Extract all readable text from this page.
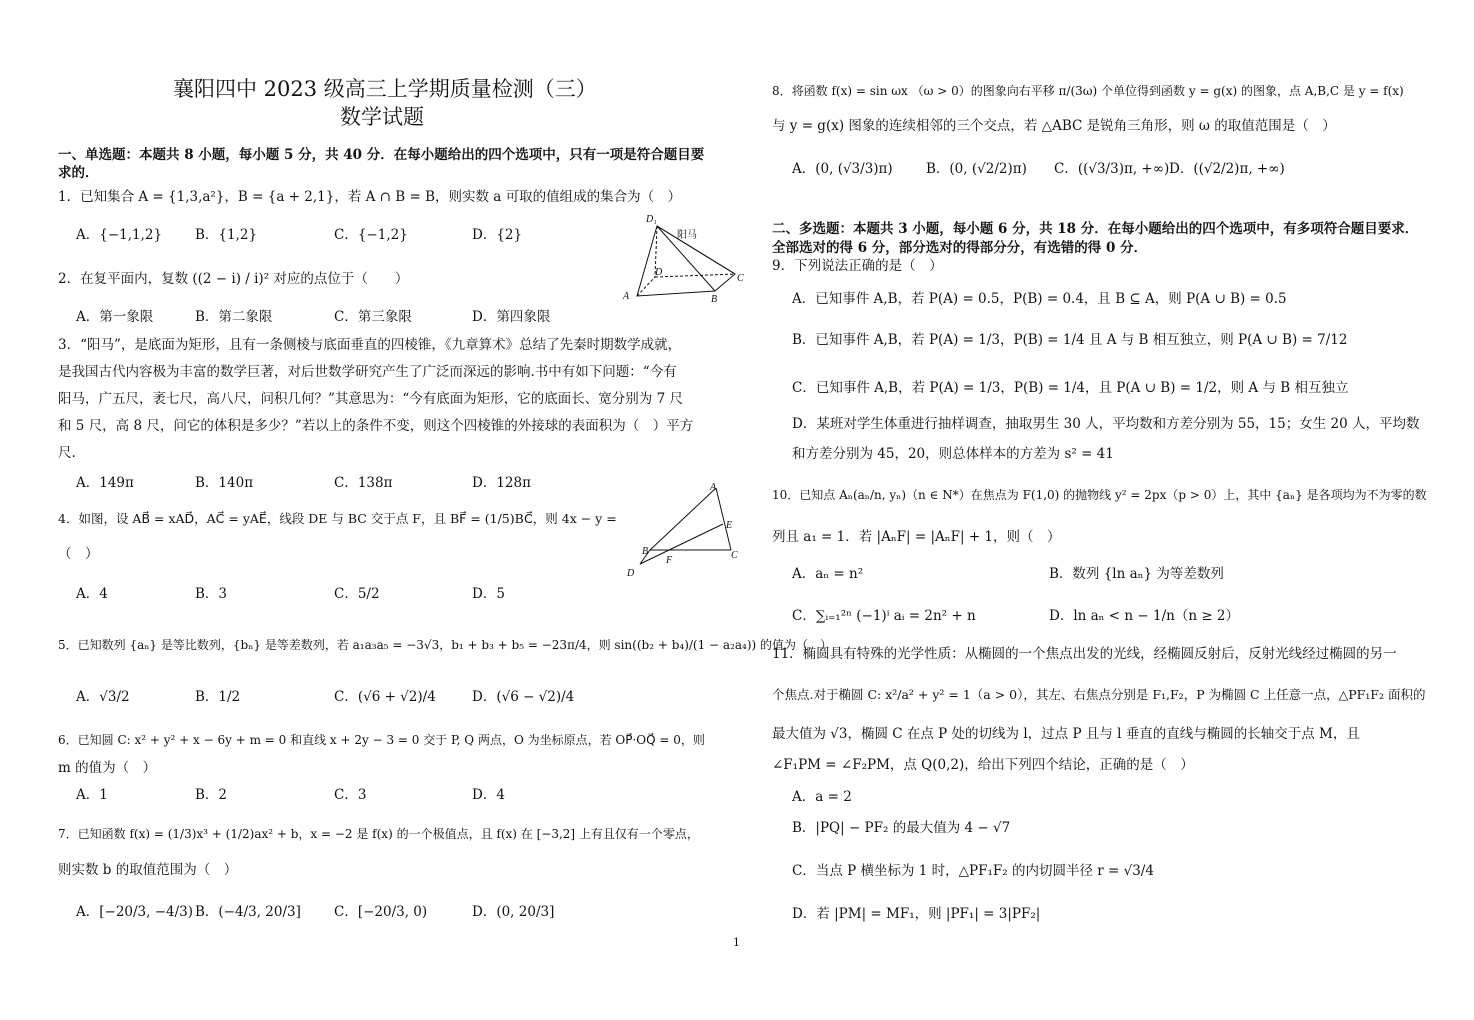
襄阳四中 2023 级高三上学期质量检测（三）
数学试题
一、单选题：本题共 8 小题，每小题 5 分，共 40 分．在每小题给出的四个选项中，只有一项是符合题目要
求的．
1．已知集合 A = {1,3,a²}，B = {a + 2,1}，若 A ∩ B = B，则实数 a 可取的值组成的集合为（　）
A．{−1,1,2} B．{1,2}	C．{−1,2}	D．{2}
2．在复平面内，复数 ((2 − i) / i)² 对应的点位于（　　）
A．第一象限	B．第二象限	C．第三象限	D．第四象限
3．“阳马”，是底面为矩形，且有一条侧棱与底面垂直的四棱锥，《九章算术》总结了先秦时期数学成就，
是我国古代内容极为丰富的数学巨著，对后世数学研究产生了广泛而深远的影响.书中有如下问题：“今有
阳马，广五尺，袤七尺，高八尺，问积几何？”其意思为：“今有底面为矩形，它的底面长、宽分别为 7 尺
和 5 尺，高 8 尺，问它的体积是多少？”若以上的条件不变，则这个四棱锥的外接球的表面积为（　）平方
尺.
A．149π	B．140π	C．138π	D．128π
4．如图，设 AB⃗ = xAD⃗，AC⃗ = yAE⃗，线段 DE 与 BC 交于点 F，且 BF⃗ = (1/5)BC⃗，则 4x − y =
（　）
A．4	B．3	C．5/2	D．5
5．已知数列 {aₙ} 是等比数列，{bₙ} 是等差数列，若 a₁a₃a₅ = −3√3，b₁ + b₃ + b₅ = −23π/4，则 sin((b₂ + b₄)/(1 − a₂a₄)) 的值为（　）
A．√3/2	B．1/2	C．(√6 + √2)/4	D．(√6 − √2)/4
6．已知圆 C: x² + y² + x − 6y + m = 0 和直线 x + 2y − 3 = 0 交于 P, Q 两点，O 为坐标原点，若 OP⃗·OQ⃗ = 0，则
m 的值为（　）
A．1	B．2	C．3	D．4
7．已知函数 f(x) = (1/3)x³ + (1/2)ax² + b，x = −2 是 f(x) 的一个极值点，且 f(x) 在 [−3,2] 上有且仅有一个零点，
则实数 b 的取值范围为（　）
A．[−20/3, −4/3) B．(−4/3, 20/3] C．[−20/3, 0)	D．(0, 20/3]
D₁
阳马
D
C
A	B
A
E
B	C
F
D
8．将函数 f(x) = sin ωx （ω > 0）的图象向右平移 π/(3ω) 个单位得到函数 y = g(x) 的图象，点 A,B,C 是 y = f(x)
与 y = g(x) 图象的连续相邻的三个交点，若 △ABC 是锐角三角形，则 ω 的取值范围是（　）
A．(0, (√3/3)π) B．(0, (√2/2)π) C．((√3/3)π, +∞) D．((√2/2)π, +∞)
二、多选题：本题共 3 小题，每小题 6 分，共 18 分．在每小题给出的四个选项中，有多项符合题目要求．
全部选对的得 6 分，部分选对的得部分分，有选错的得 0 分．
9．下列说法正确的是（　）
A．已知事件 A,B，若 P(A) = 0.5，P(B) = 0.4，且 B ⊆ A，则 P(A ∪ B) = 0.5
B．已知事件 A,B，若 P(A) = 1/3，P(B) = 1/4 且 A 与 B 相互独立，则 P(A ∪ B) = 7/12
C．已知事件 A,B，若 P(A) = 1/3，P(B) = 1/4，且 P(A ∪ B) = 1/2，则 A 与 B 相互独立
D．某班对学生体重进行抽样调查，抽取男生 30 人，平均数和方差分别为 55，15；女生 20 人，平均数
和方差分别为 45，20，则总体样本的方差为 s² = 41
10．已知点 Aₙ(aₙ/n, yₙ)（n ∈ N*）在焦点为 F(1,0) 的抛物线 y² = 2px（p > 0）上，其中 {aₙ} 是各项均为不为零的数
列且 a₁ = 1．若 |AₙF| = |AₙF| + 1，则（　）
A．aₙ = n²	B．数列 {ln aₙ} 为等差数列
C．∑ᵢ₌₁²ⁿ (−1)ⁱ aᵢ = 2n² + n	D．ln aₙ < n − 1/n（n ≥ 2）
11．椭圆具有特殊的光学性质：从椭圆的一个焦点出发的光线，经椭圆反射后，反射光线经过椭圆的另一
个焦点.对于椭圆 C: x²/a² + y² = 1（a > 0），其左、右焦点分别是 F₁,F₂，P 为椭圆 C 上任意一点，△PF₁F₂ 面积的
最大值为 √3，椭圆 C 在点 P 处的切线为 l，过点 P 且与 l 垂直的直线与椭圆的长轴交于点 M，且
∠F₁PM = ∠F₂PM，点 Q(0,2)，给出下列四个结论，正确的是（　）
A．a = 2
B．|PQ| − PF₂ 的最大值为 4 − √7
C．当点 P 横坐标为 1 时，△PF₁F₂ 的内切圆半径 r = √3/4
D．若 |PM| = MF₁，则 |PF₁| = 3|PF₂|
1
